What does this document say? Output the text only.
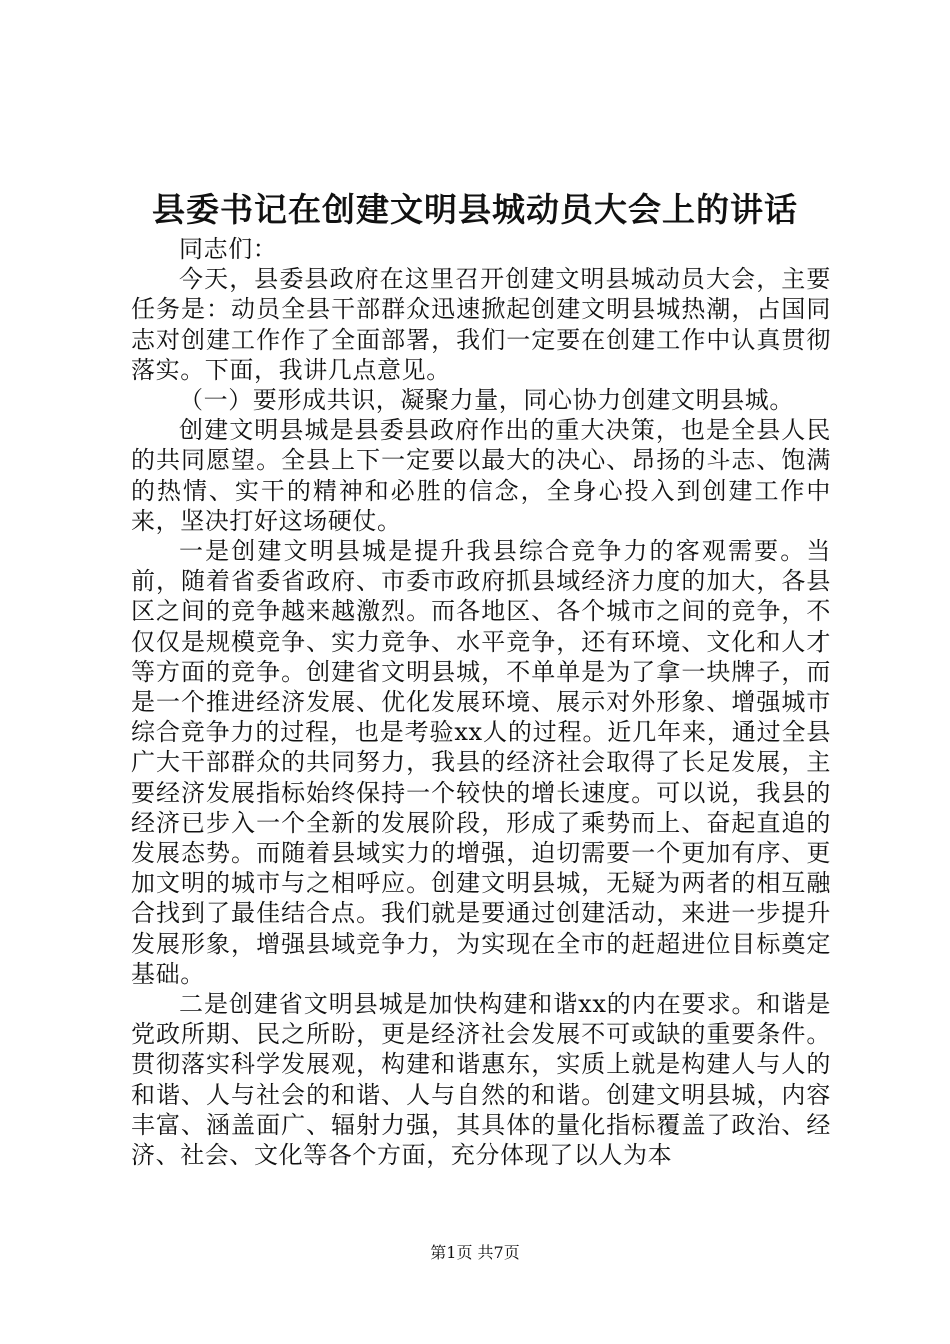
县委书记在创建文明县城动员大会上的讲话

同志们：

今天，县委县政府在这里召开创建文明县城动员大会，主要任务是：动员全县干部群众迅速掀起创建文明县城热潮，占国同志对创建工作作了全面部署，我们一定要在创建工作中认真贯彻落实。下面，我讲几点意见。

（一）要形成共识，凝聚力量，同心协力创建文明县城。

创建文明县城是县委县政府作出的重大决策，也是全县人民的共同愿望。全县上下一定要以最大的决心、昂扬的斗志、饱满的热情、实干的精神和必胜的信念，全身心投入到创建工作中来，坚决打好这场硬仗。

一是创建文明县城是提升我县综合竞争力的客观需要。当前，随着省委省政府、市委市政府抓县域经济力度的加大，各县区之间的竞争越来越激烈。而各地区、各个城市之间的竞争，不仅仅是规模竞争、实力竞争、水平竞争，还有环境、文化和人才等方面的竞争。创建省文明县城，不单单是为了拿一块牌子，而是一个推进经济发展、优化发展环境、展示对外形象、增强城市综合竞争力的过程，也是考验xx人的过程。近几年来，通过全县广大干部群众的共同努力，我县的经济社会取得了长足发展，主要经济发展指标始终保持一个较快的增长速度。可以说，我县的经济已步入一个全新的发展阶段，形成了乘势而上、奋起直追的发展态势。而随着县域实力的增强，迫切需要一个更加有序、更加文明的城市与之相呼应。创建文明县城，无疑为两者的相互融合找到了最佳结合点。我们就是要通过创建活动，来进一步提升发展形象，增强县域竞争力，为实现在全市的赶超进位目标奠定基础。

二是创建省文明县城是加快构建和谐xx的内在要求。和谐是党政所期、民之所盼，更是经济社会发展不可或缺的重要条件。贯彻落实科学发展观，构建和谐惠东，实质上就是构建人与人的和谐、人与社会的和谐、人与自然的和谐。创建文明县城，内容丰富、涵盖面广、辐射力强，其具体的量化指标覆盖了政治、经济、社会、文化等各个方面，充分体现了以人为本

第1页 共7页
